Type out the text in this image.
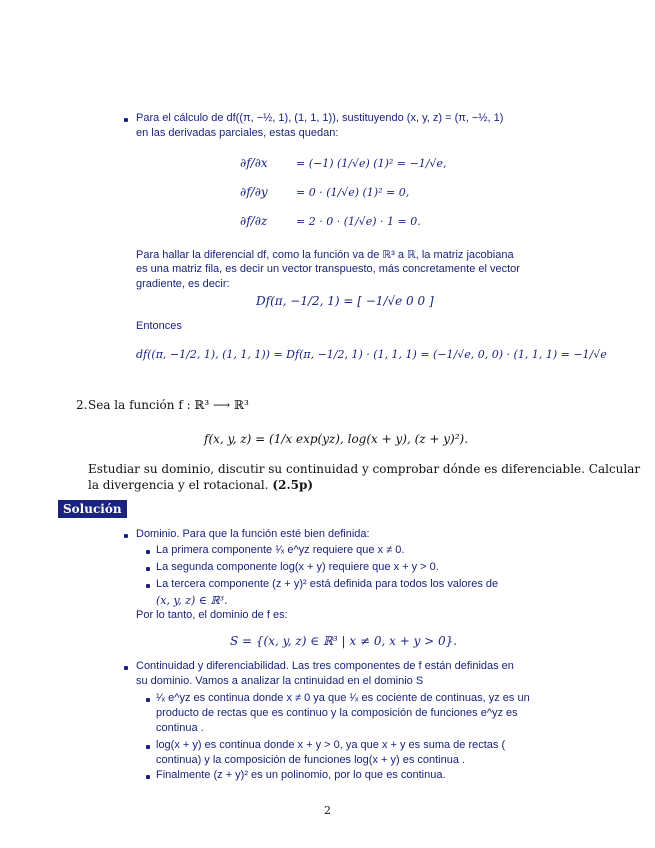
Para el cálculo de df((π, −½, 1), (1, 1, 1)), sustituyendo (x, y, z) = (π, −½, 1)
en las derivadas parciales, estas quedan:
∂f/∂x	= (−1) (1/√e) (1)² = −1/√e,
∂f/∂y	= 0 · (1/√e) (1)² = 0,
∂f/∂z	= 2 · 0 · (1/√e) · 1 = 0.
Para hallar la diferencial df, como la función va de ℝ³ a ℝ, la matriz jacobiana
es una matriz fila, es decir un vector transpuesto, más concretamente el vector
gradiente, es decir:
Df(π, −1/2, 1) = [ −1/√e 0 0 ]
Entonces
df((π, −1/2, 1), (1, 1, 1)) = Df(π, −1/2, 1) · (1, 1, 1) = (−1/√e, 0, 0) · (1, 1, 1) = −1/√e
2. Sea la función f : ℝ³ ⟶ ℝ³
f(x, y, z) = (1/x exp(yz), log(x + y), (z + y)²).
Estudiar su dominio, discutir su continuidad y comprobar dónde es diferenciable. Calcular
la divergencia y el rotacional. (2.5p)
Solución
Dominio. Para que la función esté bien definida:
La primera componente ¹⁄ₓ e^yz requiere que x ≠ 0.
La segunda componente log(x + y) requiere que x + y > 0.
La tercera componente (z + y)² está definida para todos los valores de
(x, y, z) ∈ ℝ³.
Por lo tanto, el dominio de f es:
S = {(x, y, z) ∈ ℝ³ | x ≠ 0, x + y > 0}.
Continuidad y diferenciabilidad. Las tres componentes de f están definidas en
su dominio. Vamos a analizar la cntinuidad en el dominio S
¹⁄ₓ e^yz es continua donde x ≠ 0 ya que ¹⁄ₓ es cociente de continuas, yz es un
producto de rectas que es continuo y la composición de funciones e^yz es
continua .
log(x + y) es continua donde x + y > 0, ya que x + y es suma de rectas (
continua) y la composición de funciones log(x + y) es continua .
Finalmente (z + y)² es un polinomio, por lo que es continua.
2
